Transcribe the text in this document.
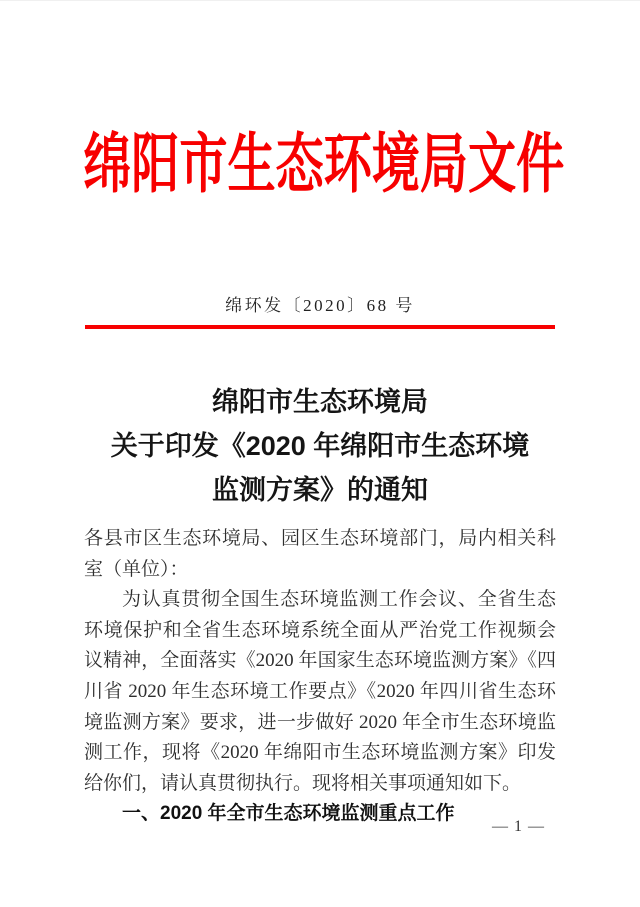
绵阳市生态环境局文件
绵环发〔2020〕68 号
绵阳市生态环境局
关于印发《2020 年绵阳市生态环境
监测方案》的通知

各县市区生态环境局、园区生态环境部门，局内相关科室（单位）：

为认真贯彻全国生态环境监测工作会议、全省生态环境保护和全省生态环境系统全面从严治党工作视频会议精神，全面落实《2020 年国家生态环境监测方案》《四川省 2020 年生态环境工作要点》《2020 年四川省生态环境监测方案》要求，进一步做好 2020 年全市生态环境监测工作，现将《2020 年绵阳市生态环境监测方案》印发给你们，请认真贯彻执行。现将相关事项通知如下。

一、2020 年全市生态环境监测重点工作

— 1 —
